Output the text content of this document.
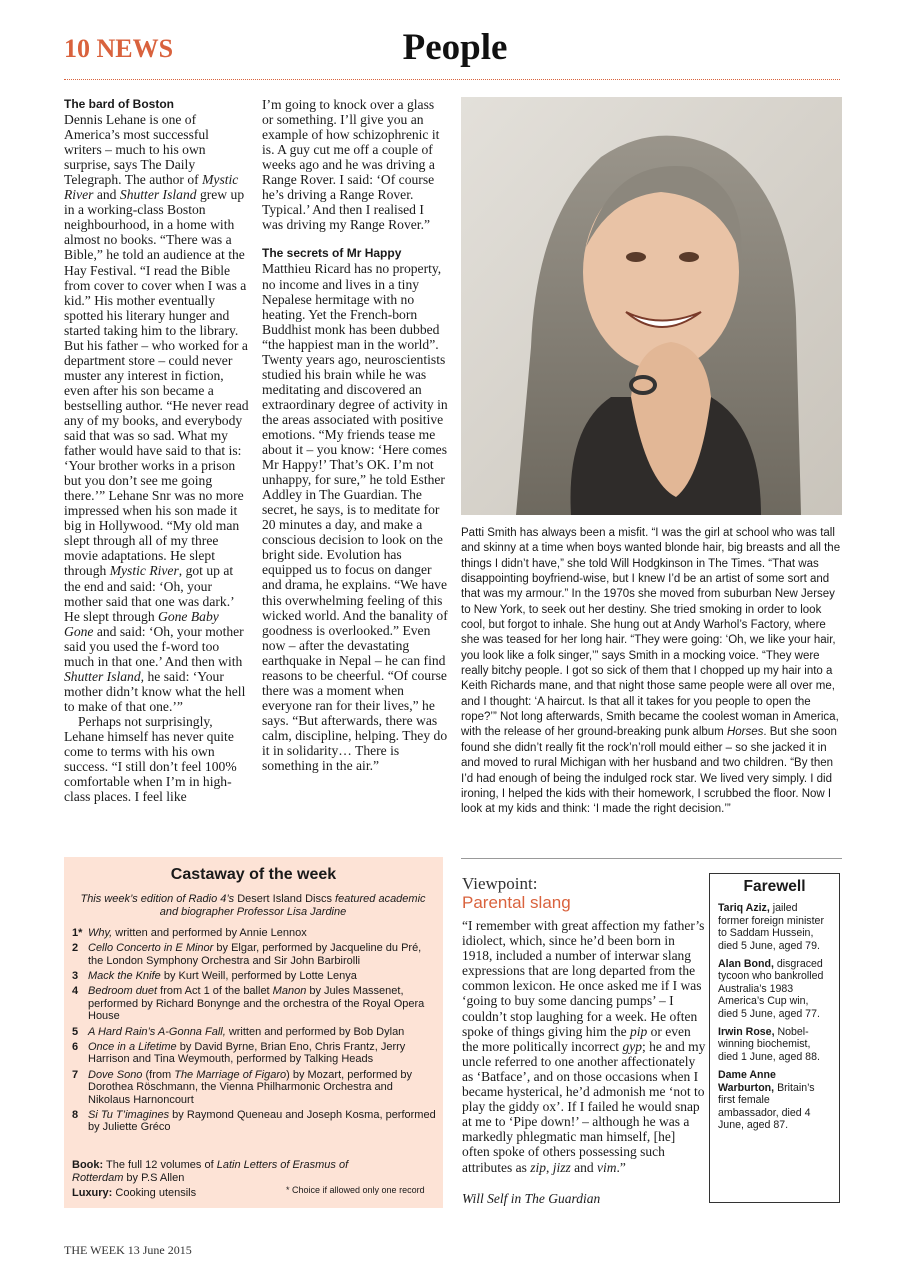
10 NEWS	People
The bard of Boston

Dennis Lehane is one of America’s most successful writers – much to his own surprise, says The Daily Telegraph. The author of Mystic River and Shutter Island grew up in a working-class Boston neighbourhood, in a home with almost no books. “There was a Bible,” he told an audience at the Hay Festival. “I read the Bible from cover to cover when I was a kid.” His mother eventually spotted his literary hunger and started taking him to the library. But his father – who worked for a department store – could never muster any interest in fiction, even after his son became a bestselling author. “He never read any of my books, and everybody said that was so sad. What my father would have said to that is: ‘Your brother works in a prison but you don’t see me going there.’” Lehane Snr was no more impressed when his son made it big in Hollywood. “My old man slept through all of my three movie adaptations. He slept through Mystic River, got up at the end and said: ‘Oh, your mother said that one was dark.’ He slept through Gone Baby Gone and said: ‘Oh, your mother said you used the f-word too much in that one.’ And then with Shutter Island, he said: ‘Your mother didn’t know what the hell to make of that one.’”

Perhaps not surprisingly, Lehane himself has never quite come to terms with his own success. “I still don’t feel 100% comfortable when I’m in high-class places. I feel like

I’m going to knock over a glass or something. I’ll give you an example of how schizophrenic it is. A guy cut me off a couple of weeks ago and he was driving a Range Rover. I said: ‘Of course he’s driving a Range Rover. Typical.’ And then I realised I was driving my Range Rover.”

The secrets of Mr Happy

Matthieu Ricard has no property, no income and lives in a tiny Nepalese hermitage with no heating. Yet the French-born Buddhist monk has been dubbed “the happiest man in the world”. Twenty years ago, neuroscientists studied his brain while he was meditating and discovered an extraordinary degree of activity in the areas associated with positive emotions. “My friends tease me about it – you know: ‘Here comes Mr Happy!’ That’s OK. I’m not unhappy, for sure,” he told Esther Addley in The Guardian. The secret, he says, is to meditate for 20 minutes a day, and make a conscious decision to look on the bright side. Evolution has equipped us to focus on danger and drama, he explains. “We have this overwhelming feeling of this wicked world. And the banality of goodness is overlooked.” Even now – after the devastating earthquake in Nepal – he can find reasons to be cheerful. “Of course there was a moment when everyone ran for their lives,” he says. “But afterwards, there was calm, discipline, helping. They do it in solidarity… There is something in the air.”

Patti Smith has always been a misfit. “I was the girl at school who was tall and skinny at a time when boys wanted blonde hair, big breasts and all the things I didn’t have,” she told Will Hodgkinson in The Times. “That was disappointing boyfriend-wise, but I knew I’d be an artist of some sort and that was my armour.” In the 1970s she moved from suburban New Jersey to New York, to seek out her destiny. She tried smoking in order to look cool, but forgot to inhale. She hung out at Andy Warhol’s Factory, where she was teased for her long hair. “They were going: ‘Oh, we like your hair, you look like a folk singer,’” says Smith in a mocking voice. “They were really bitchy people. I got so sick of them that I chopped up my hair into a Keith Richards mane, and that night those same people were all over me, and I thought: ‘A haircut. Is that all it takes for you people to open the rope?’” Not long afterwards, Smith became the coolest woman in America, with the release of her ground-breaking punk album Horses. But she soon found she didn’t really fit the rock’n’roll mould either – so she jacked it in and moved to rural Michigan with her husband and two children. “By then I’d had enough of being the indulged rock star. We lived very simply. I did ironing, I helped the kids with their homework, I scrubbed the floor. Now I look at my kids and think: ‘I made the right decision.’”
Castaway of the week
This week’s edition of Radio 4’s Desert Island Discs featured academic and biographer Professor Lisa Jardine
1* Why, written and performed by Annie Lennox
2 Cello Concerto in E Minor by Elgar, performed by Jacqueline du Pré, the London Symphony Orchestra and Sir John Barbirolli
3 Mack the Knife by Kurt Weill, performed by Lotte Lenya
4 Bedroom duet from Act 1 of the ballet Manon by Jules Massenet, performed by Richard Bonynge and the orchestra of the Royal Opera House
5 A Hard Rain’s A-Gonna Fall, written and performed by Bob Dylan
6 Once in a Lifetime by David Byrne, Brian Eno, Chris Frantz, Jerry Harrison and Tina Weymouth, performed by Talking Heads
7 Dove Sono (from The Marriage of Figaro) by Mozart, performed by Dorothea Röschmann, the Vienna Philharmonic Orchestra and Nikolaus Harnoncourt
8 Si Tu T’imagines by Raymond Queneau and Joseph Kosma, performed by Juliette Gréco
Book: The full 12 volumes of Latin Letters of Erasmus of Rotterdam by P.S Allen
Luxury: Cooking utensils	* Choice if allowed only one record
Viewpoint:
Parental slang
“I remember with great affection my father’s idiolect, which, since he’d been born in 1918, included a number of interwar slang expressions that are long departed from the common lexicon. He once asked me if I was ‘going to buy some dancing pumps’ – I couldn’t stop laughing for a week. He often spoke of things giving him the pip or even the more politically incorrect gyp; he and my uncle referred to one another affectionately as ‘Batface’, and on those occasions when I became hysterical, he’d admonish me ‘not to play the giddy ox’. If I failed he would snap at me to ‘Pipe down!’ – although he was a markedly phlegmatic man himself, [he] often spoke of others possessing such attributes as zip, jizz and vim.”
Will Self in The Guardian
Farewell
Tariq Aziz, jailed former foreign minister to Saddam Hussein, died 5 June, aged 79.
Alan Bond, disgraced tycoon who bankrolled Australia’s 1983 America’s Cup win, died 5 June, aged 77.
Irwin Rose, Nobel-winning biochemist, died 1 June, aged 88.
Dame Anne Warburton, Britain’s first female ambassador, died 4 June, aged 87.
THE WEEK 13 June 2015
